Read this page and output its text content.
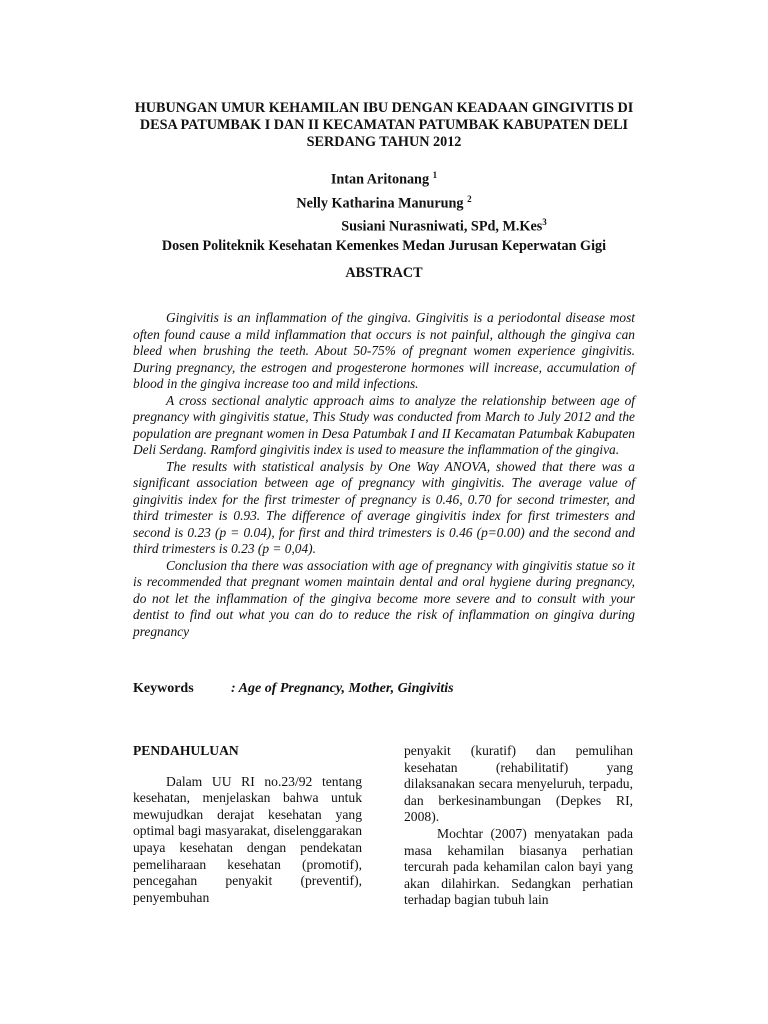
HUBUNGAN UMUR KEHAMILAN IBU DENGAN KEADAAN GINGIVITIS DI DESA PATUMBAK I DAN II KECAMATAN PATUMBAK KABUPATEN DELI SERDANG TAHUN 2012
Intan Aritonang $^1$
Nelly Katharina Manurung $^2$
Susiani Nurasniwati, SPd, M.Kes$^3$
Dosen Politeknik Kesehatan Kemenkes Medan Jurusan Keperwatan Gigi
ABSTRACT

Gingivitis is an inflammation of the gingiva. Gingivitis is a periodontal disease most often found cause a mild inflammation that occurs is not painful, although the gingiva can bleed when brushing the teeth. About 50-75% of pregnant women experience gingivitis. During pregnancy, the estrogen and progesterone hormones will increase, accumulation of blood in the gingiva increase too and mild infections.

A cross sectional analytic approach aims to analyze the relationship between age of pregnancy with gingivitis statue, This Study was conducted from March to July 2012 and the population are pregnant women in Desa Patumbak I and II Kecamatan Patumbak Kabupaten Deli Serdang. Ramford gingivitis index is used to measure the inflammation of the gingiva.

The results with statistical analysis by One Way ANOVA, showed that there was a significant association between age of pregnancy with gingivitis. The average value of gingivitis index for the first trimester of pregnancy is 0.46, 0.70 for second trimester, and third trimester is 0.93. The difference of average gingivitis index for first trimesters and second is 0.23 (p = 0.04), for first and third trimesters is 0.46 (p=0.00) and the second and third trimesters is 0.23 (p = 0,04).

Conclusion tha there was association with age of pregnancy with gingivitis statue so it is recommended that pregnant women maintain dental and oral hygiene during pregnancy, do not let the inflammation of the gingiva become more severe and to consult with your dentist to find out what you can do to reduce the risk of inflammation on gingiva during pregnancy

Keywords	: Age of Pregnancy, Mother, Gingivitis

PENDAHULUAN

Dalam UU RI no.23/92 tentang kesehatan, menjelaskan bahwa untuk mewujudkan derajat kesehatan yang optimal bagi masyarakat, diselenggarakan upaya kesehatan dengan pendekatan pemeliharaan kesehatan (promotif), pencegahan penyakit (preventif), penyembuhan

penyakit (kuratif) dan pemulihan kesehatan (rehabilitatif) yang dilaksanakan secara menyeluruh, terpadu, dan berkesinambungan (Depkes RI, 2008).

Mochtar (2007) menyatakan pada masa kehamilan biasanya perhatian tercurah pada kehamilan calon bayi yang akan dilahirkan. Sedangkan perhatian terhadap bagian tubuh lain
